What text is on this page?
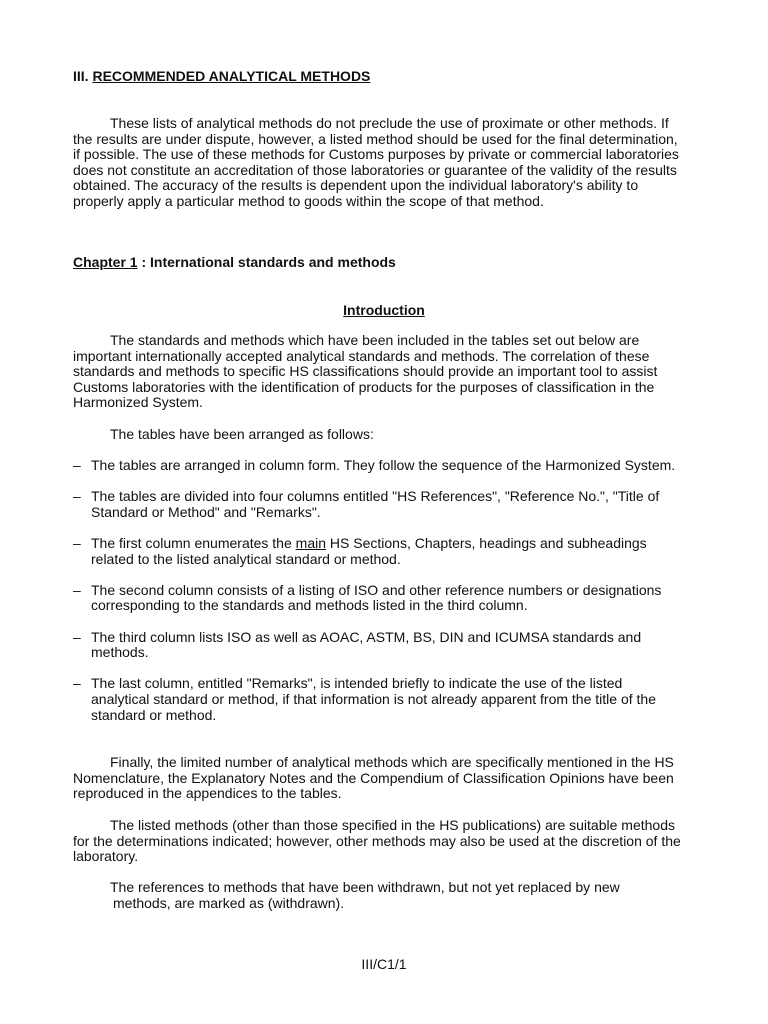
III. RECOMMENDED ANALYTICAL METHODS

These lists of analytical methods do not preclude the use of proximate or other methods. If the results are under dispute, however, a listed method should be used for the final determination, if possible. The use of these methods for Customs purposes by private or commercial laboratories does not constitute an accreditation of those laboratories or guarantee of the validity of the results obtained. The accuracy of the results is dependent upon the individual laboratory's ability to properly apply a particular method to goods within the scope of that method.

Chapter 1 : International standards and methods

Introduction

The standards and methods which have been included in the tables set out below are important internationally accepted analytical standards and methods. The correlation of these standards and methods to specific HS classifications should provide an important tool to assist Customs laboratories with the identification of products for the purposes of classification in the Harmonized System.

The tables have been arranged as follows:

– The tables are arranged in column form. They follow the sequence of the Harmonized System.
– The tables are divided into four columns entitled "HS References", "Reference No.", "Title of Standard or Method" and "Remarks".
– The first column enumerates the main HS Sections, Chapters, headings and subheadings related to the listed analytical standard or method.
– The second column consists of a listing of ISO and other reference numbers or designations corresponding to the standards and methods listed in the third column.
– The third column lists ISO as well as AOAC, ASTM, BS, DIN and ICUMSA standards and methods.
– The last column, entitled "Remarks", is intended briefly to indicate the use of the listed analytical standard or method, if that information is not already apparent from the title of the standard or method.

Finally, the limited number of analytical methods which are specifically mentioned in the HS Nomenclature, the Explanatory Notes and the Compendium of Classification Opinions have been reproduced in the appendices to the tables.

The listed methods (other than those specified in the HS publications) are suitable methods for the determinations indicated; however, other methods may also be used at the discretion of the laboratory.

The references to methods that have been withdrawn, but not yet replaced by new
methods, are marked as (withdrawn).

III/C1/1
